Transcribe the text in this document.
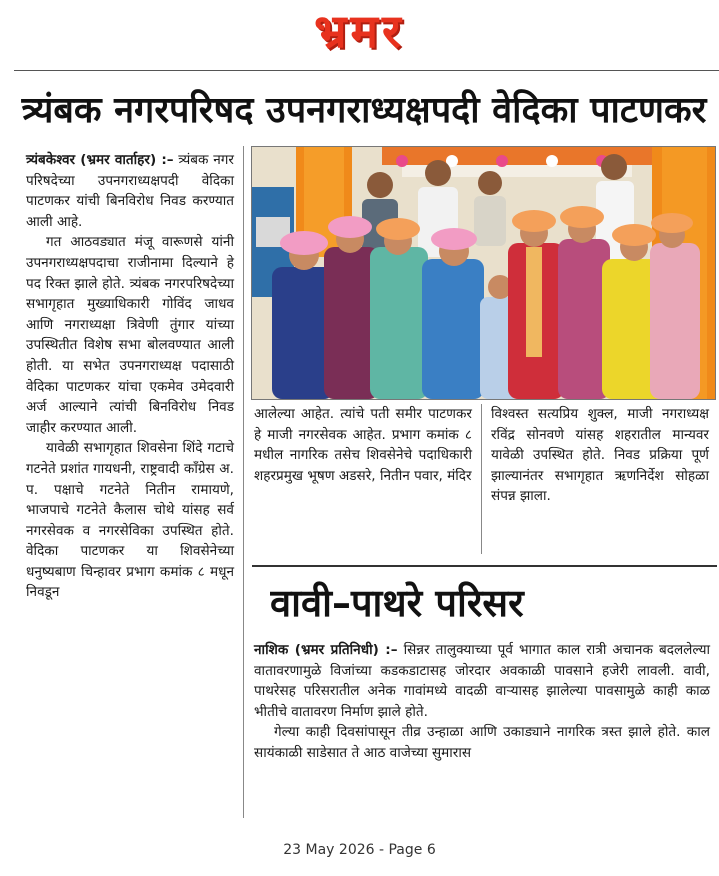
भ्रमर
त्र्यंबक नगरपरिषद उपनगराध्यक्षपदी वेदिका पाटणकर

त्र्यंबकेश्वर (भ्रमर वार्ताहर) :– त्र्यंबक नगर परिषदेच्या उपनगराध्यक्षपदी वेदिका पाटणकर यांची बिनविरोध निवड करण्यात आली आहे.

गत आठवड्यात मंजू वारूणसे यांनी उपनगराध्यक्षपदाचा राजीनामा दिल्याने हे पद रिक्त झाले होते. त्र्यंबक नगरपरिषदेच्या सभागृहात मुख्याधिकारी गोविंद जाधव आणि नगराध्यक्षा त्रिवेणी तुंगार यांच्या उपस्थितीत विशेष सभा बोलवण्यात आली होती. या सभेत उपनगराध्यक्ष पदासाठी वेदिका पाटणकर यांचा एकमेव उमेदवारी अर्ज आल्याने त्यांची बिनविरोध निवड जाहीर करण्यात आली.

यावेळी सभागृहात शिवसेना शिंदे गटाचे गटनेते प्रशांत गायधनी, राष्ट्रवादी कॉंग्रेस अ. प. पक्षाचे गटनेते नितीन रामायणे, भाजपाचे गटनेते कैलास चोथे यांसह सर्व नगरसेवक व नगरसेविका उपस्थित होते. वेदिका पाटणकर या शिवसेनेच्या धनुष्यबाण चिन्हावर प्रभाग कमांक ८ मधून निवडून

आलेल्या आहेत. त्यांचे पती समीर पाटणकर हे माजी नगरसेवक आहेत. प्रभाग कमांक ८ मधील नागरिक तसेच शिवसेनेचे पदाधिकारी शहरप्रमुख भूषण अडसरे, नितीन पवार, मंदिर

विश्वस्त सत्यप्रिय शुक्ल, माजी नगराध्यक्ष रविंद्र सोनवणे यांसह शहरातील मान्यवर यावेळी उपस्थित होते. निवड प्रक्रिया पूर्ण झाल्यानंतर सभागृहात ऋणनिर्देश सोहळा संपन्न झाला.

वावी–पाथरे परिसर

नाशिक (भ्रमर प्रतिनिधी) :– सिन्नर तालुक्याच्या पूर्व भागात काल रात्री अचानक बदललेल्या वातावरणामुळे विजांच्या कडकडाटासह जोरदार अवकाळी पावसाने हजेरी लावली. वावी, पाथरेसह परिसरातील अनेक गावांमध्ये वादळी वाऱ्यासह झालेल्या पावसामुळे काही काळ भीतीचे वातावरण निर्माण झाले होते.

गेल्या काही दिवसांपासून तीव्र उन्हाळा आणि उकाड्याने नागरिक त्रस्त झाले होते. काल सायंकाळी साडेसात ते आठ वाजेच्या सुमारास

23 May 2026 - Page 6
